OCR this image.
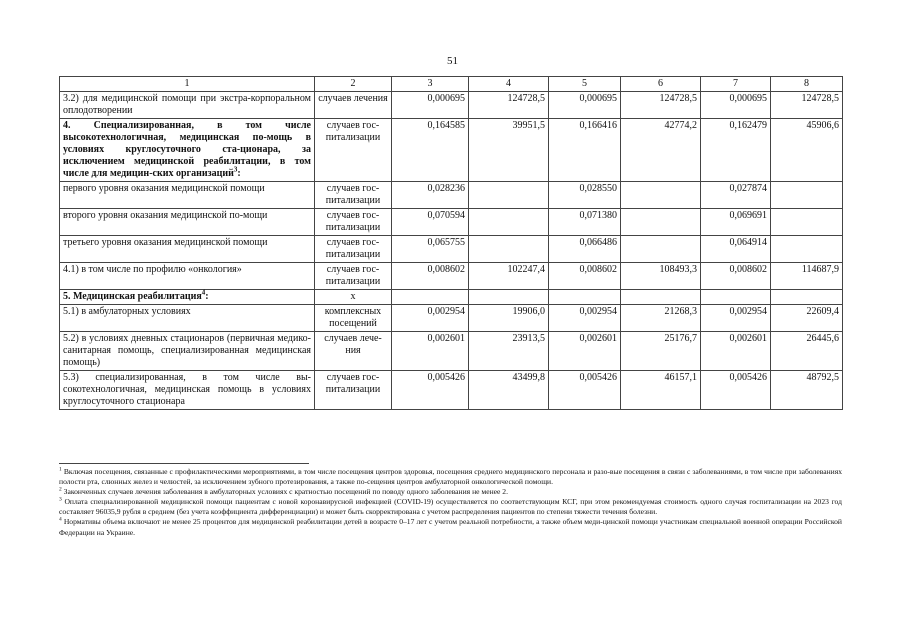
51
1	2	3	4	5	6	7	8
3.2) для медицинской помощи при экстра-корпоральном оплодотворении	случаев лечения	0,000695	124728,5	0,000695	124728,5	0,000695	124728,5
4. Специализированная, в том числе высокотехнологичная, медицинская по-мощь в условиях круглосуточного ста-ционара, за исключением медицинской реабилитации, в том числе для медицин-ских организаций$^3$:	случаев гос-питализации	0,164585	39951,5	0,166416	42774,2	0,162479	45906,6
первого уровня оказания медицинской помощи	случаев гос-питализации	0,028236		0,028550		0,027874	
второго уровня оказания медицинской по-мощи	случаев гос-питализации	0,070594		0,071380		0,069691	
третьего уровня оказания медицинской помощи	случаев гос-питализации	0,065755		0,066486		0,064914	
4.1) в том числе по профилю «онкология»	случаев гос-питализации	0,008602	102247,4	0,008602	108493,3	0,008602	114687,9
5. Медицинская реабилитация$^4$:	х						
5.1) в амбулаторных условиях	комплексных посещений	0,002954	19906,0	0,002954	21268,3	0,002954	22609,4
5.2) в условиях дневных стационаров (первичная медико-санитарная помощь, специализированная медицинская помощь)	случаев лече-ния	0,002601	23913,5	0,002601	25176,7	0,002601	26445,6
5.3) специализированная, в том числе вы-сокотехнологичная, медицинская помощь в условиях круглосуточного стационара	случаев гос-питализации	0,005426	43499,8	0,005426	46157,1	0,005426	48792,5

$^1$ Включая посещения, связанные с профилактическими мероприятиями, в том числе посещения центров здоровья, посещения среднего медицинского персонала и разо-вые посещения в связи с заболеваниями, в том числе при заболеваниях полости рта, слюнных желез и челюстей, за исключением зубного протезирования, а также по-сещения центров амбулаторной онкологической помощи.

$^2$ Законченных случаев лечения заболевания в амбулаторных условиях с кратностью посещений по поводу одного заболевания не менее 2.

$^3$ Оплата специализированной медицинской помощи пациентам с новой коронавирусной инфекцией (COVID-19) осуществляется по соответствующим КСГ, при этом рекомендуемая стоимость одного случая госпитализации на 2023 год составляет 96035,9 рубля в среднем (без учета коэффициента дифференциации) и может быть скорректирована с учетом распределения пациентов по степени тяжести течения болезни.

$^4$ Нормативы объема включают не менее 25 процентов для медицинской реабилитации детей в возрасте 0–17 лет с учетом реальной потребности, а также объем меди-цинской помощи участникам специальной военной операции Российской Федерации на Украине.
